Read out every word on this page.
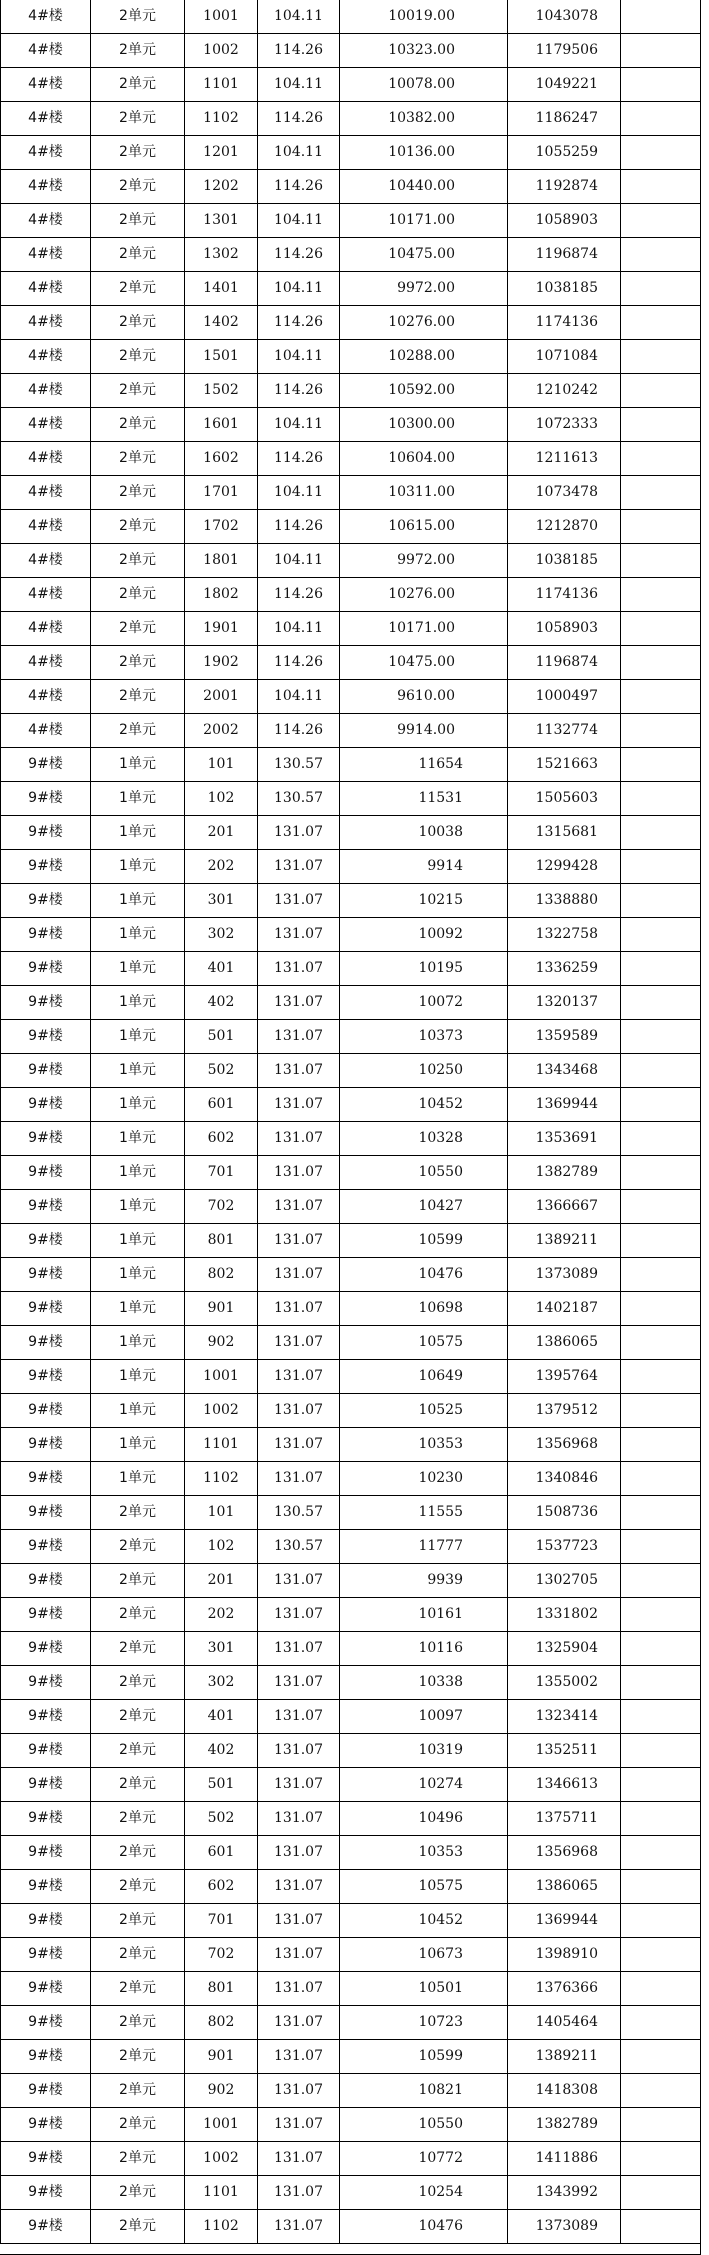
4#楼	2单元	1001	104.11	10019.00	1043078	
4#楼	2单元	1002	114.26	10323.00	1179506	
4#楼	2单元	1101	104.11	10078.00	1049221	
4#楼	2单元	1102	114.26	10382.00	1186247	
4#楼	2单元	1201	104.11	10136.00	1055259	
4#楼	2单元	1202	114.26	10440.00	1192874	
4#楼	2单元	1301	104.11	10171.00	1058903	
4#楼	2单元	1302	114.26	10475.00	1196874	
4#楼	2单元	1401	104.11	9972.00	1038185	
4#楼	2单元	1402	114.26	10276.00	1174136	
4#楼	2单元	1501	104.11	10288.00	1071084	
4#楼	2单元	1502	114.26	10592.00	1210242	
4#楼	2单元	1601	104.11	10300.00	1072333	
4#楼	2单元	1602	114.26	10604.00	1211613	
4#楼	2单元	1701	104.11	10311.00	1073478	
4#楼	2单元	1702	114.26	10615.00	1212870	
4#楼	2单元	1801	104.11	9972.00	1038185	
4#楼	2单元	1802	114.26	10276.00	1174136	
4#楼	2单元	1901	104.11	10171.00	1058903	
4#楼	2单元	1902	114.26	10475.00	1196874	
4#楼	2单元	2001	104.11	9610.00	1000497	
4#楼	2单元	2002	114.26	9914.00	1132774	
9#楼	1单元	101	130.57	11654	1521663	
9#楼	1单元	102	130.57	11531	1505603	
9#楼	1单元	201	131.07	10038	1315681	
9#楼	1单元	202	131.07	9914	1299428	
9#楼	1单元	301	131.07	10215	1338880	
9#楼	1单元	302	131.07	10092	1322758	
9#楼	1单元	401	131.07	10195	1336259	
9#楼	1单元	402	131.07	10072	1320137	
9#楼	1单元	501	131.07	10373	1359589	
9#楼	1单元	502	131.07	10250	1343468	
9#楼	1单元	601	131.07	10452	1369944	
9#楼	1单元	602	131.07	10328	1353691	
9#楼	1单元	701	131.07	10550	1382789	
9#楼	1单元	702	131.07	10427	1366667	
9#楼	1单元	801	131.07	10599	1389211	
9#楼	1单元	802	131.07	10476	1373089	
9#楼	1单元	901	131.07	10698	1402187	
9#楼	1单元	902	131.07	10575	1386065	
9#楼	1单元	1001	131.07	10649	1395764	
9#楼	1单元	1002	131.07	10525	1379512	
9#楼	1单元	1101	131.07	10353	1356968	
9#楼	1单元	1102	131.07	10230	1340846	
9#楼	2单元	101	130.57	11555	1508736	
9#楼	2单元	102	130.57	11777	1537723	
9#楼	2单元	201	131.07	9939	1302705	
9#楼	2单元	202	131.07	10161	1331802	
9#楼	2单元	301	131.07	10116	1325904	
9#楼	2单元	302	131.07	10338	1355002	
9#楼	2单元	401	131.07	10097	1323414	
9#楼	2单元	402	131.07	10319	1352511	
9#楼	2单元	501	131.07	10274	1346613	
9#楼	2单元	502	131.07	10496	1375711	
9#楼	2单元	601	131.07	10353	1356968	
9#楼	2单元	602	131.07	10575	1386065	
9#楼	2单元	701	131.07	10452	1369944	
9#楼	2单元	702	131.07	10673	1398910	
9#楼	2单元	801	131.07	10501	1376366	
9#楼	2单元	802	131.07	10723	1405464	
9#楼	2单元	901	131.07	10599	1389211	
9#楼	2单元	902	131.07	10821	1418308	
9#楼	2单元	1001	131.07	10550	1382789	
9#楼	2单元	1002	131.07	10772	1411886	
9#楼	2单元	1101	131.07	10254	1343992	
9#楼	2单元	1102	131.07	10476	1373089	
